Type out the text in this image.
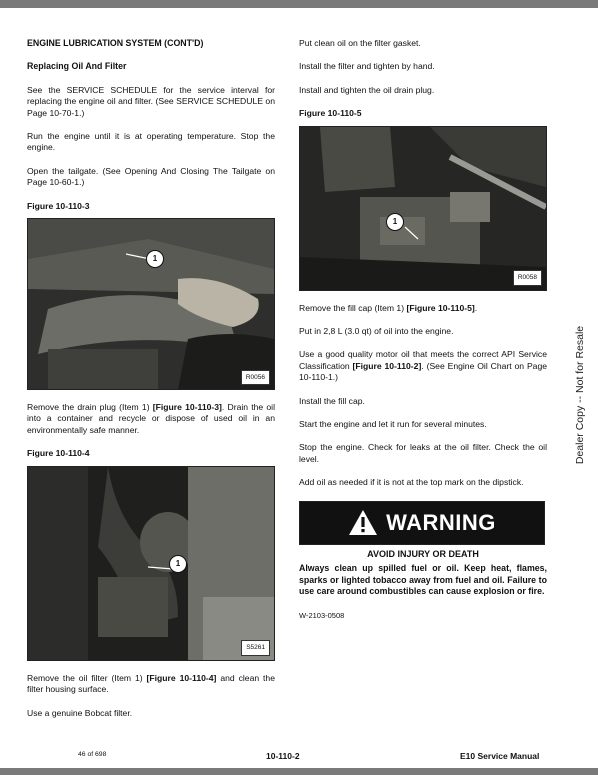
ENGINE LUBRICATION SYSTEM (CONT'D)
Replacing Oil And Filter

See the SERVICE SCHEDULE for the service interval for replacing the engine oil and filter. (See SERVICE SCHEDULE on Page 10-70-1.)

Run the engine until it is at operating temperature. Stop the engine.

Open the tailgate. (See Opening And Closing The Tailgate on Page 10-60-1.)

Figure 10-110-3
1
R0056

Remove the drain plug (Item 1) [Figure 10-110-3]. Drain the oil into a container and recycle or dispose of used oil in an environmentally safe manner.

Figure 10-110-4
1
S5261

Remove the oil filter (Item 1) [Figure 10-110-4] and clean the filter housing surface.

Use a genuine Bobcat filter.

Put clean oil on the filter gasket.

Install the filter and tighten by hand.

Install and tighten the oil drain plug.

Figure 10-110-5
1
R0058

Remove the fill cap (Item 1) [Figure 10-110-5].

Put in 2,8 L (3.0 qt) of oil into the engine.

Use a good quality motor oil that meets the correct API Service Classification [Figure 10-110-2]. (See Engine Oil Chart on Page 10-110-1.)

Install the fill cap.

Start the engine and let it run for several minutes.

Stop the engine. Check for leaks at the oil filter. Check the oil level.

Add oil as needed if it is not at the top mark on the dipstick.

WARNING
AVOID INJURY OR DEATH

Always clean up spilled fuel or oil. Keep heat, flames, sparks or lighted tobacco away from fuel and oil. Failure to use care around combustibles can cause explosion or fire.

W-2103-0508

Dealer Copy -- Not for Resale
46 of 698	10-110-2	E10 Service Manual
